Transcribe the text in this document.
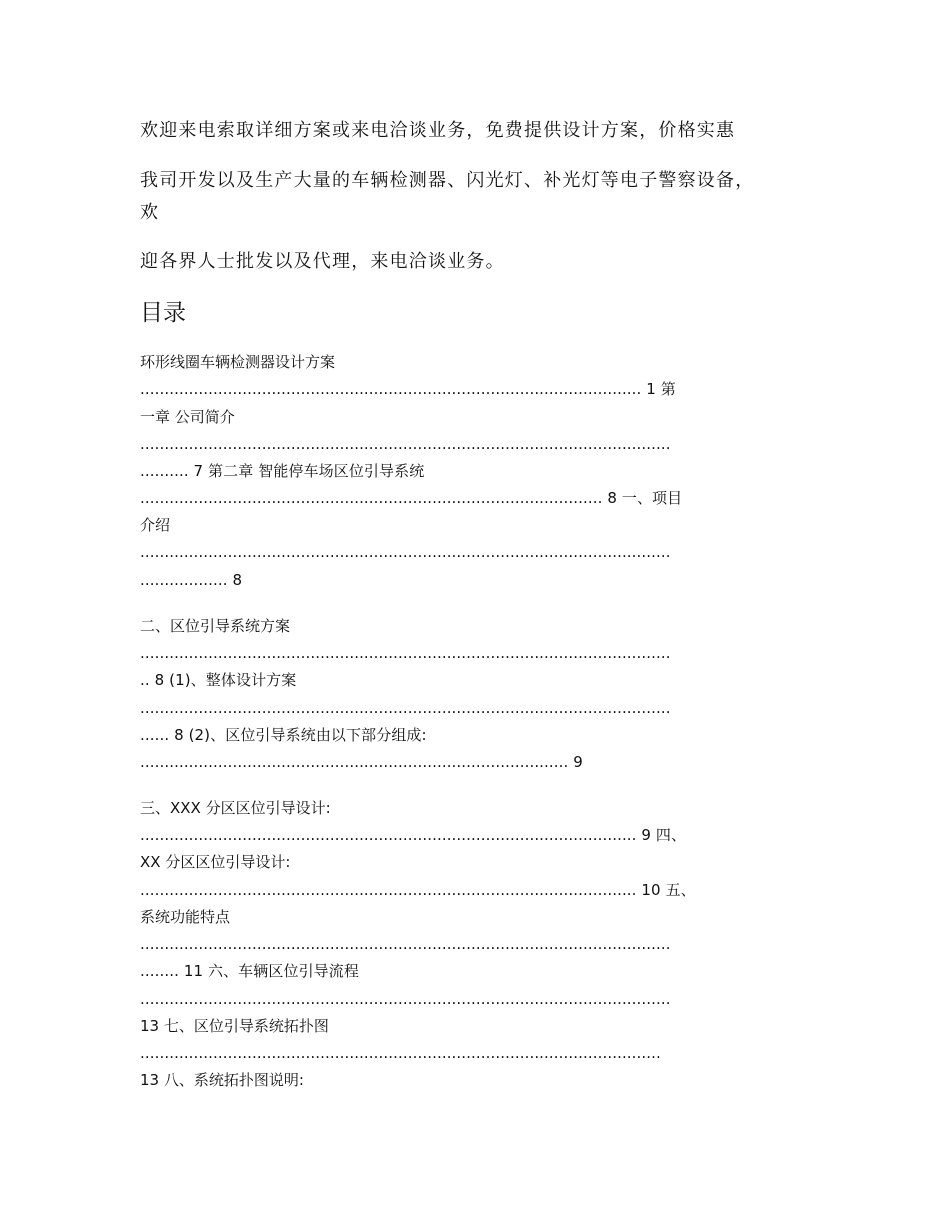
欢迎来电索取详细方案或来电洽谈业务，免费提供设计方案，价格实惠
我司开发以及生产大量的车辆检测器、闪光灯、补光灯等电子警察设备，
欢
迎各界人士批发以及代理，来电洽谈业务。
目录
环形线圈车辆检测器设计方案
....................................................................................................... 1 第
一章 公司简介
.............................................................................................................
.......... 7 第二章 智能停车场区位引导系统
............................................................................................... 8 一、项目
介绍
.............................................................................................................
.................. 8
二、区位引导系统方案
.............................................................................................................
.. 8 (1)、整体设计方案
.............................................................................................................
...... 8 (2)、区位引导系统由以下部分组成:
........................................................................................ 9
三、XXX 分区区位引导设计:
...................................................................................................... 9 四、
XX 分区区位引导设计:
...................................................................................................... 10 五、
系统功能特点
.............................................................................................................
........ 11 六、车辆区位引导流程
.............................................................................................................
13 七、区位引导系统拓扑图
...........................................................................................................
13 八、系统拓扑图说明:
